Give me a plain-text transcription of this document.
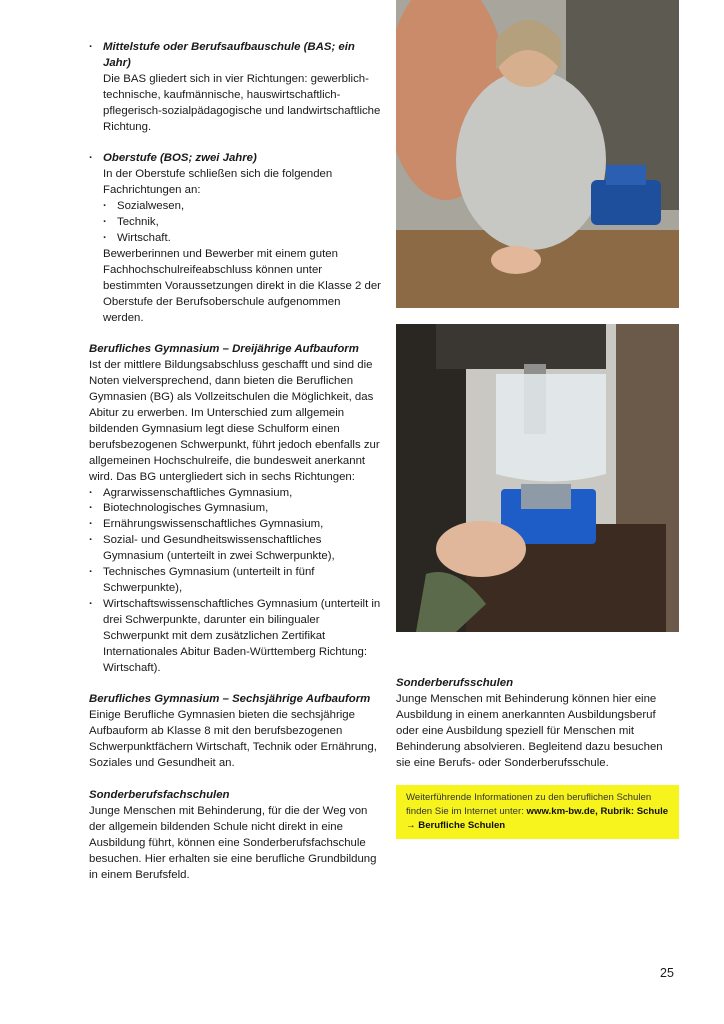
· Mittelstufe oder Berufsaufbauschule (BAS; ein Jahr)

Die BAS gliedert sich in vier Richtungen: gewerblich-technische, kaufmännische, hauswirtschaftlich-pflegerisch-sozialpädagogische und landwirtschaftliche Richtung.

· Oberstufe (BOS; zwei Jahre)

In der Oberstufe schließen sich die folgenden Fachrichtungen an:

· Sozialwesen,
· Technik,
· Wirtschaft.

Bewerberinnen und Bewerber mit einem guten Fachhochschulreifeabschluss können unter bestimmten Voraussetzungen direkt in die Klasse 2 der Oberstufe der Berufsoberschule aufgenommen werden.

Berufliches Gymnasium – Dreijährige Aufbauform

Ist der mittlere Bildungsabschluss geschafft und sind die Noten vielversprechend, dann bieten die Beruflichen Gymnasien (BG) als Vollzeitschulen die Möglichkeit, das Abitur zu erwerben. Im Unterschied zum allgemein bildenden Gymnasium legt diese Schulform einen berufsbezogenen Schwerpunkt, führt jedoch ebenfalls zur allgemeinen Hochschulreife, die bundesweit anerkannt wird. Das BG untergliedert sich in sechs Richtungen:

· Agrarwissenschaftliches Gymnasium,
· Biotechnologisches Gymnasium,
· Ernährungswissenschaftliches Gymnasium,
· Sozial- und Gesundheitswissenschaftliches Gymnasium (unterteilt in zwei Schwerpunkte),
· Technisches Gymnasium (unterteilt in fünf Schwerpunkte),
· Wirtschaftswissenschaftliches Gymnasium (unterteilt in drei Schwerpunkte, darunter ein bilingualer Schwerpunkt mit dem zusätzlichen Zertifikat Internationales Abitur Baden-Württemberg Richtung: Wirtschaft).

Berufliches Gymnasium – Sechsjährige Aufbauform

Einige Berufliche Gymnasien bieten die sechsjährige Aufbauform ab Klasse 8 mit den berufsbezogenen Schwerpunktfächern Wirtschaft, Technik oder Ernährung, Soziales und Gesundheit an.

Sonderberufsfachschulen

Junge Menschen mit Behinderung, für die der Weg von der allgemein bildenden Schule nicht direkt in eine Ausbildung führt, können eine Sonderberufsfachschule besuchen. Hier erhalten sie eine berufliche Grundbildung in einem Berufsfeld.

Sonderberufsschulen

Junge Menschen mit Behinderung können hier eine Ausbildung in einem anerkannten Ausbildungsberuf oder eine Ausbildung speziell für Menschen mit Behinderung absolvieren. Begleitend dazu besuchen sie eine Berufs- oder Sonderberufsschule.

Weiterführende Informationen zu den beruflichen Schulen finden Sie im Internet unter: www.km-bw.de, Rubrik: Schule → Berufliche Schulen
25
